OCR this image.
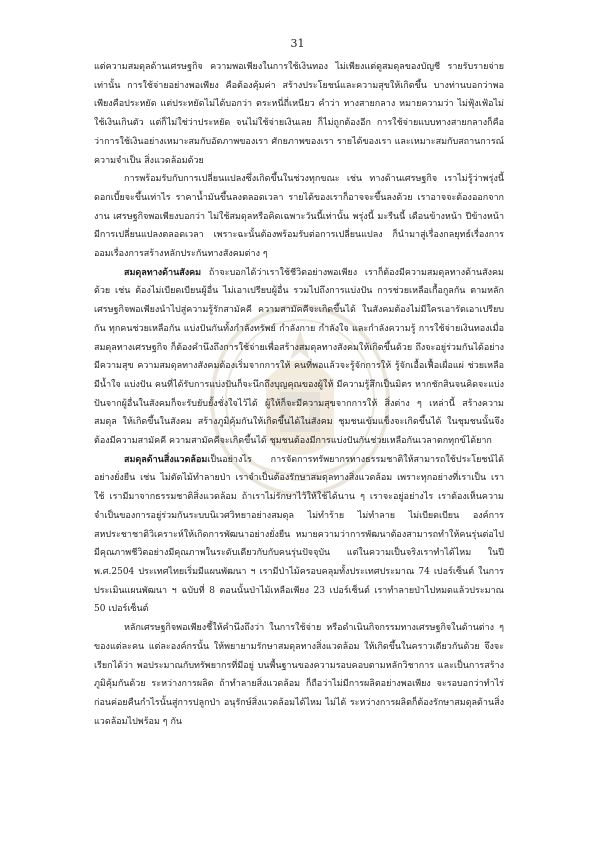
31

แต่ความสมดุลด้านเศรษฐกิจ ความพอเพียงในการใช้เงินทอง ไม่เพียงแต่ดูสมดุลของบัญชี รายรับรายจ่ายเท่านั้น การใช้จ่ายอย่างพอเพียง คือต้องคุ้มค่า สร้างประโยชน์และความสุขให้เกิดขึ้น บางท่านบอกว่าพอเพียงคือประหยัด แต่ประหยัดไม่ได้บอกว่า ตระหนี่ถี่เหนียว คำว่า ทางสายกลาง หมายความว่า ไม่ฟุ้งเฟ้อไม่ใช้เงินเกินตัว แต่ก็ไม่ใช่ว่าประหยัด จนไม่ใช้จ่ายเงินเลย ก็ไม่ถูกต้องอีก การใช้จ่ายแบบทางสายกลางก็คือว่าการใช้เงินอย่างเหมาะสมกับอัตภาพของเรา ศักยภาพของเรา รายได้ของเรา และเหมาะสมกับสถานการณ์ความจำเป็น สิ่งแวดล้อมด้วย

การพร้อมรับกับการเปลี่ยนแปลงซึ่งเกิดขึ้นในช่วงทุกขณะ เช่น ทางด้านเศรษฐกิจ เราไม่รู้ว่าพรุ่งนี้ดอกเบี้ยจะขึ้นเท่าไร ราคาน้ำมันขึ้นลงตลอดเวลา รายได้ของเราก็อาจจะขึ้นลงด้วย เราอาจจะต้องออกจากงาน เศรษฐกิจพอเพียงบอกว่า ไม่ใช้สมดุลหรือคิดเฉพาะวันนี้เท่านั้น พรุ่งนี้ มะรืนนี้ เดือนข้างหน้า ปีข้างหน้า มีการเปลี่ยนแปลงตลอดเวลา เพราะฉะนั้นต้องพร้อมรับต่อการเปลี่ยนแปลง ก็นำมาสู่เรื่องกลยุทธ์เรื่องการออมเรื่องการสร้างหลักประกันทางสังคมต่าง ๆ

สมดุลทางด้านสังคม ถ้าจะบอกได้ว่าเราใช้ชีวิตอย่างพอเพียง เราก็ต้องมีความสมดุลทางด้านสังคมด้วย เช่น ต้องไม่เบียดเบียนผู้อื่น ไม่เอาเปรียบผู้อื่น รวมไปถึงการแบ่งปัน การช่วยเหลือเกื้อกูลกัน ตามหลักเศรษฐกิจพอเพียงนำไปสู่ความรู้รักสามัคคี ความสามัคคีจะเกิดขึ้นได้ ในสังคมต้องไม่มีใครเอารัดเอาเปรียบกัน ทุกคนช่วยเหลือกัน แบ่งปันกันทั้งกำลังทรัพย์ กำลังกาย กำลังใจ และกำลังความรู้ การใช้จ่ายเงินทองเมื่อสมดุลทางเศรษฐกิจ ก็ต้องคำนึงถึงการใช้จ่ายเพื่อสร้างสมดุลทางสังคมให้เกิดขึ้นด้วย ถึงจะอยู่ร่วมกันได้อย่างมีความสุข ความสมดุลทางสังคมต้องเริ่มจากการให้ คนที่พอแล้วจะรู้จักการให้ รู้จักเอื้อเฟื้อเผื่อแผ่ ช่วยเหลือ มีน้ำใจ แบ่งปัน คนที่ได้รับการแบ่งปันก็จะนึกถึงบุญคุณของผู้ให้ มีความรู้สึกเป็นมิตร หากชักสินจนคิดจะแบ่งปันจากผู้อื่นในสังคมก็จะรับยับยั้งชั่งใจไว้ได้ ผู้ให้ก็จะมีความสุขจากการให้ สิ่งต่าง ๆ เหล่านี้ สร้างความสมดุล ให้เกิดขึ้นในสังคม สร้างภูมิคุ้มกันให้เกิดขึ้นได้ในสังคม ชุมชนเข้มแข็งจะเกิดขึ้นได้ ในชุมชนนั้นจึงต้องมีความสามัคคี ความสามัคคีจะเกิดขึ้นได้ ชุมชนต้องมีการแบ่งปันกันช่วยเหลือกันเวลาตกทุกข์ได้ยาก

สมดุลด้านสิ่งแวดล้อมเป็นอย่างไร การจัดการทรัพยากรทางธรรมชาติให้สามารถใช้ประโยชน์ได้อย่างยั่งยืน เช่น ไม่ตัดไม้ทำลายป่า เราจำเป็นต้องรักษาสมดุลทางสิ่งแวดล้อม เพราะทุกอย่างที่เราเป็น เราใช้ เรามีมาจากธรรมชาติสิ่งแวดล้อม ถ้าเราไม่รักษาไว้ให้ใช้ได้นาน ๆ เราจะอยู่อย่างไร เราต้องเห็นความจำเป็นของการอยู่ร่วมกันระบบนิเวศวิทยาอย่างสมดุล ไม่ทำร้าย ไม่ทำลาย ไม่เบียดเบียน องค์การสหประชาชาติวิเคราะห์ให้เกิดการพัฒนาอย่างยั่งยืน หมายความว่าการพัฒนาต้องสามารถทำให้คนรุ่นต่อไปมีคุณภาพชีวิตอย่างมีคุณภาพในระดับเดียวกับกับคนรุ่นปัจจุบัน แต่ในความเป็นจริงเราทำได้ไหม ในปี พ.ศ.2504 ประเทศไทยเริ่มมีแผนพัฒนา ฯ เรามีป่าไม้ครอบคลุมทั้งประเทศประมาณ 74 เปอร์เซ็นต์ ในการประเมินแผนพัฒนา ฯ ฉบับที่ 8 ตอนนั้นป่าไม้เหลือเพียง 23 เปอร์เซ็นต์ เราทำลายป่าไปหมดแล้วประมาณ 50 เปอร์เซ็นต์

หลักเศรษฐกิจพอเพียงชี้ให้คำนึงถึงว่า ในการใช้จ่าย หรือดำเนินกิจกรรมทางเศรษฐกิจในด้านต่าง ๆ ของแต่ละคน แต่ละองค์กรนั้น ให้พยายามรักษาสมดุลทางสิ่งแวดล้อม ให้เกิดขึ้นในคราวเดียวกันด้วย จึงจะเรียกได้ว่า พอประมาณกับทรัพยากรที่มีอยู่ บนพื้นฐานของความรอบคอบตามหลักวิชาการ และเป็นการสร้างภูมิคุ้มกันด้วย ระหว่างการผลิต ถ้าทำลายสิ่งแวดล้อม ก็ถือว่าไม่มีการผลิตอย่างพอเพียง จะรอบอกว่าทำไร่ก่อนค่อยคืนกำไรนั้นสู่การปลูกป่า อนุรักษ์สิ่งแวดล้อมได้ไหม ไม่ได้ ระหว่างการผลิตก็ต้องรักษาสมดุลด้านสิ่งแวดล้อมไปพร้อม ๆ กัน
